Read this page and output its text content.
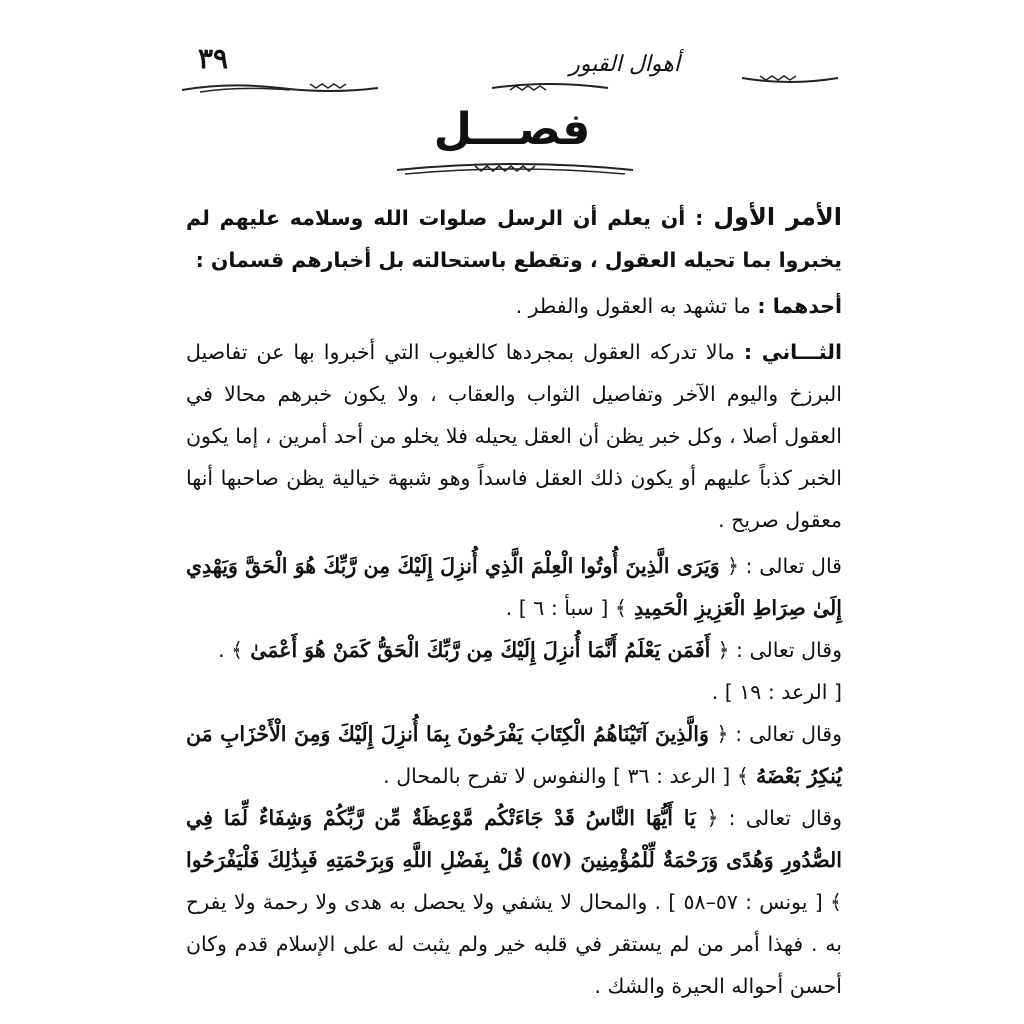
٣٩	أهوال القبور
فصـــل

الأمر الأول : أن يعلم أن الرسل صلوات الله وسلامه عليهم لم يخبروا بما تحيله العقول ، وتقطع باستحالته بل أخبارهم قسمان :

أحدهما : ما تشهد به العقول والفطر .

الثـــاني : مالا تدركه العقول بمجردها كالغيوب التي أخبروا بها عن تفاصيل البرزخ واليوم الآخر وتفاصيل الثواب والعقاب ، ولا يكون خبرهم محالا في العقول أصلا ، وكل خبر يظن أن العقل يحيله فلا يخلو من أحد أمرين ، إما يكون الخبر كذباً عليهم أو يكون ذلك العقل فاسداً وهو شبهة خيالية يظن صاحبها أنها معقول صريح .

قال تعالى : ﴿ وَيَرَى الَّذِينَ أُوتُوا الْعِلْمَ الَّذِي أُنزِلَ إِلَيْكَ مِن رَّبِّكَ هُوَ الْحَقَّ وَيَهْدِي إِلَىٰ صِرَاطِ الْعَزِيزِ الْحَمِيدِ ﴾ [ سبأ : ٦ ] .

وقال تعالى : ﴿ أَفَمَن يَعْلَمُ أَنَّمَا أُنزِلَ إِلَيْكَ مِن رَّبِّكَ الْحَقُّ كَمَنْ هُوَ أَعْمَىٰ ﴾ .

[ الرعد : ١٩ ] .

وقال تعالى : ﴿ وَالَّذِينَ آتَيْنَاهُمُ الْكِتَابَ يَفْرَحُونَ بِمَا أُنزِلَ إِلَيْكَ وَمِنَ الْأَحْزَابِ مَن يُنكِرُ بَعْضَهُ ﴾ [ الرعد : ٣٦ ] والنفوس لا تفرح بالمحال .

وقال تعالى : ﴿ يَا أَيُّهَا النَّاسُ قَدْ جَاءَتْكُم مَّوْعِظَةٌ مِّن رَّبِّكُمْ وَشِفَاءٌ لِّمَا فِي الصُّدُورِ وَهُدًى وَرَحْمَةٌ لِّلْمُؤْمِنِينَ (٥٧) قُلْ بِفَضْلِ اللَّهِ وَبِرَحْمَتِهِ فَبِذَٰلِكَ فَلْيَفْرَحُوا ﴾ [ يونس : ٥٧–٥٨ ] . والمحال لا يشفي ولا يحصل به هدى ولا رحمة ولا يفرح به . فهذا أمر من لم يستقر في قلبه خير ولم يثبت له على الإسلام قدم وكان أحسن أحواله الحيرة والشك .
